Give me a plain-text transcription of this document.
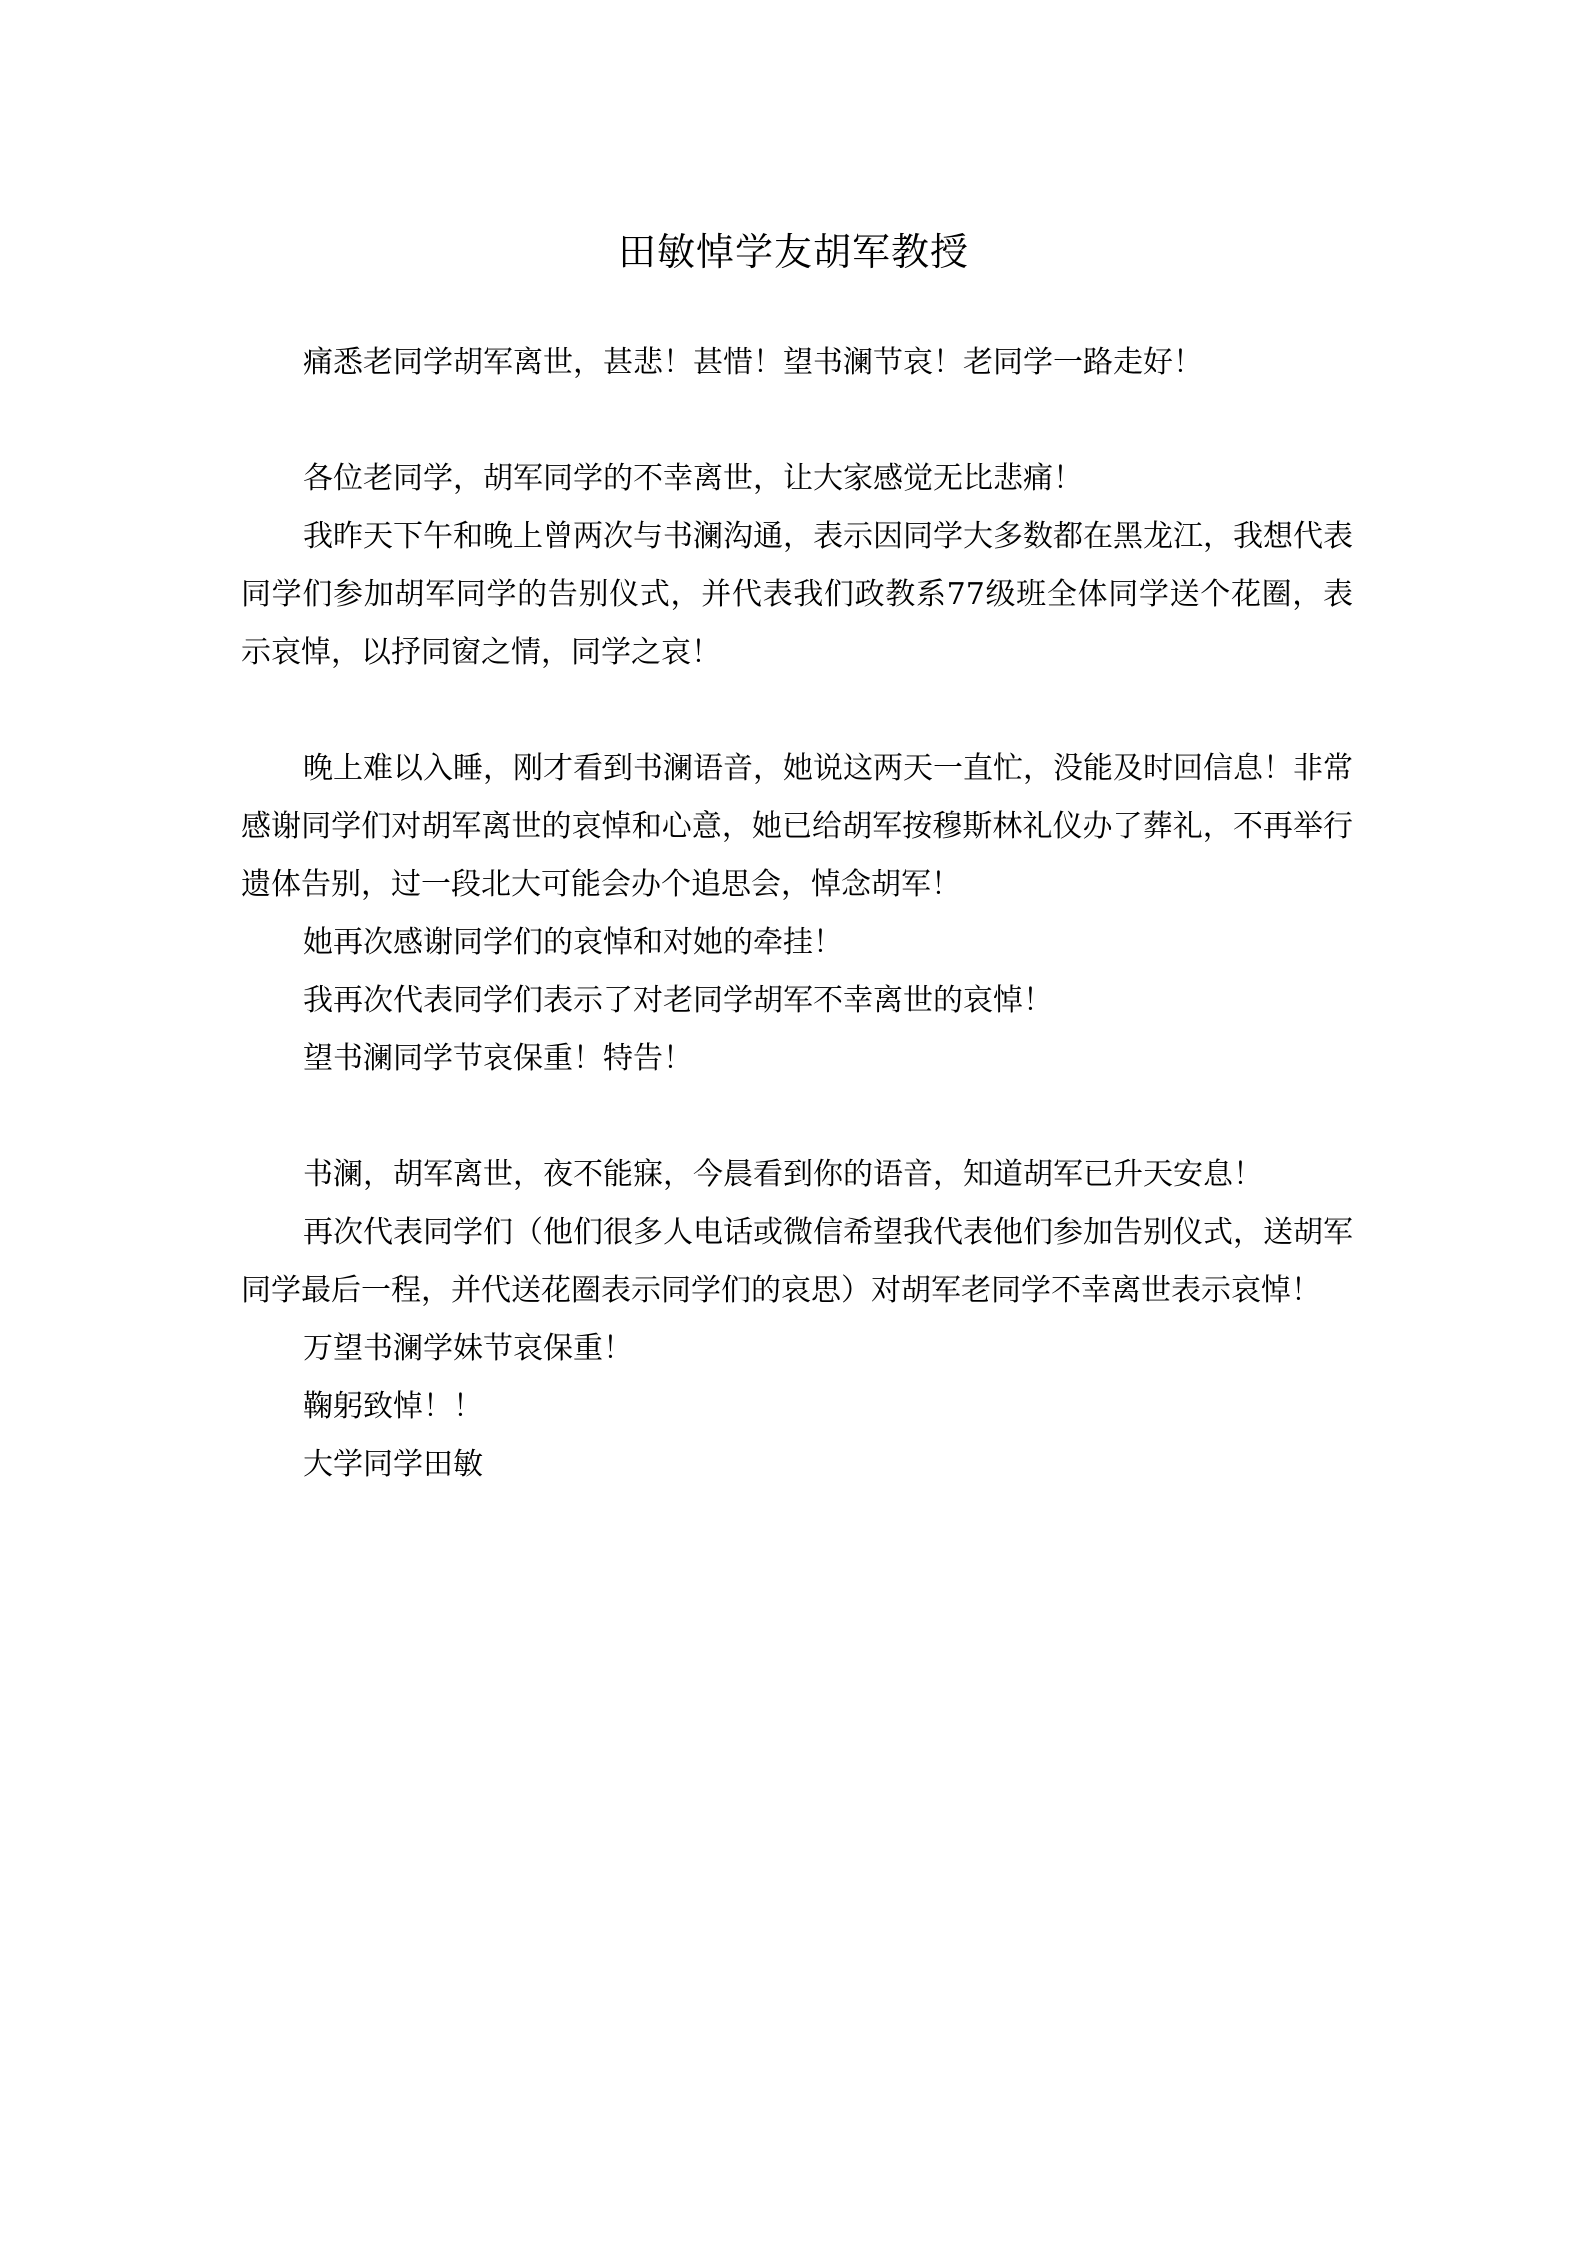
田敏悼学友胡军教授

痛悉老同学胡军离世，甚悲！甚惜！望书澜节哀！老同学一路走好！

各位老同学，胡军同学的不幸离世，让大家感觉无比悲痛！

我昨天下午和晚上曾两次与书澜沟通，表示因同学大多数都在黑龙江，我想代表同学们参加胡军同学的告别仪式，并代表我们政教系77级班全体同学送个花圈，表示哀悼，以抒同窗之情，同学之哀！

晚上难以入睡，刚才看到书澜语音，她说这两天一直忙，没能及时回信息！非常感谢同学们对胡军离世的哀悼和心意，她已给胡军按穆斯林礼仪办了葬礼，不再举行遗体告别，过一段北大可能会办个追思会，悼念胡军！

她再次感谢同学们的哀悼和对她的牵挂！

我再次代表同学们表示了对老同学胡军不幸离世的哀悼！

望书澜同学节哀保重！特告！

书澜，胡军离世，夜不能寐，今晨看到你的语音，知道胡军已升天安息！

再次代表同学们（他们很多人电话或微信希望我代表他们参加告别仪式，送胡军同学最后一程，并代送花圈表示同学们的哀思）对胡军老同学不幸离世表示哀悼！

万望书澜学妹节哀保重！

鞠躬致悼！！

大学同学田敏
